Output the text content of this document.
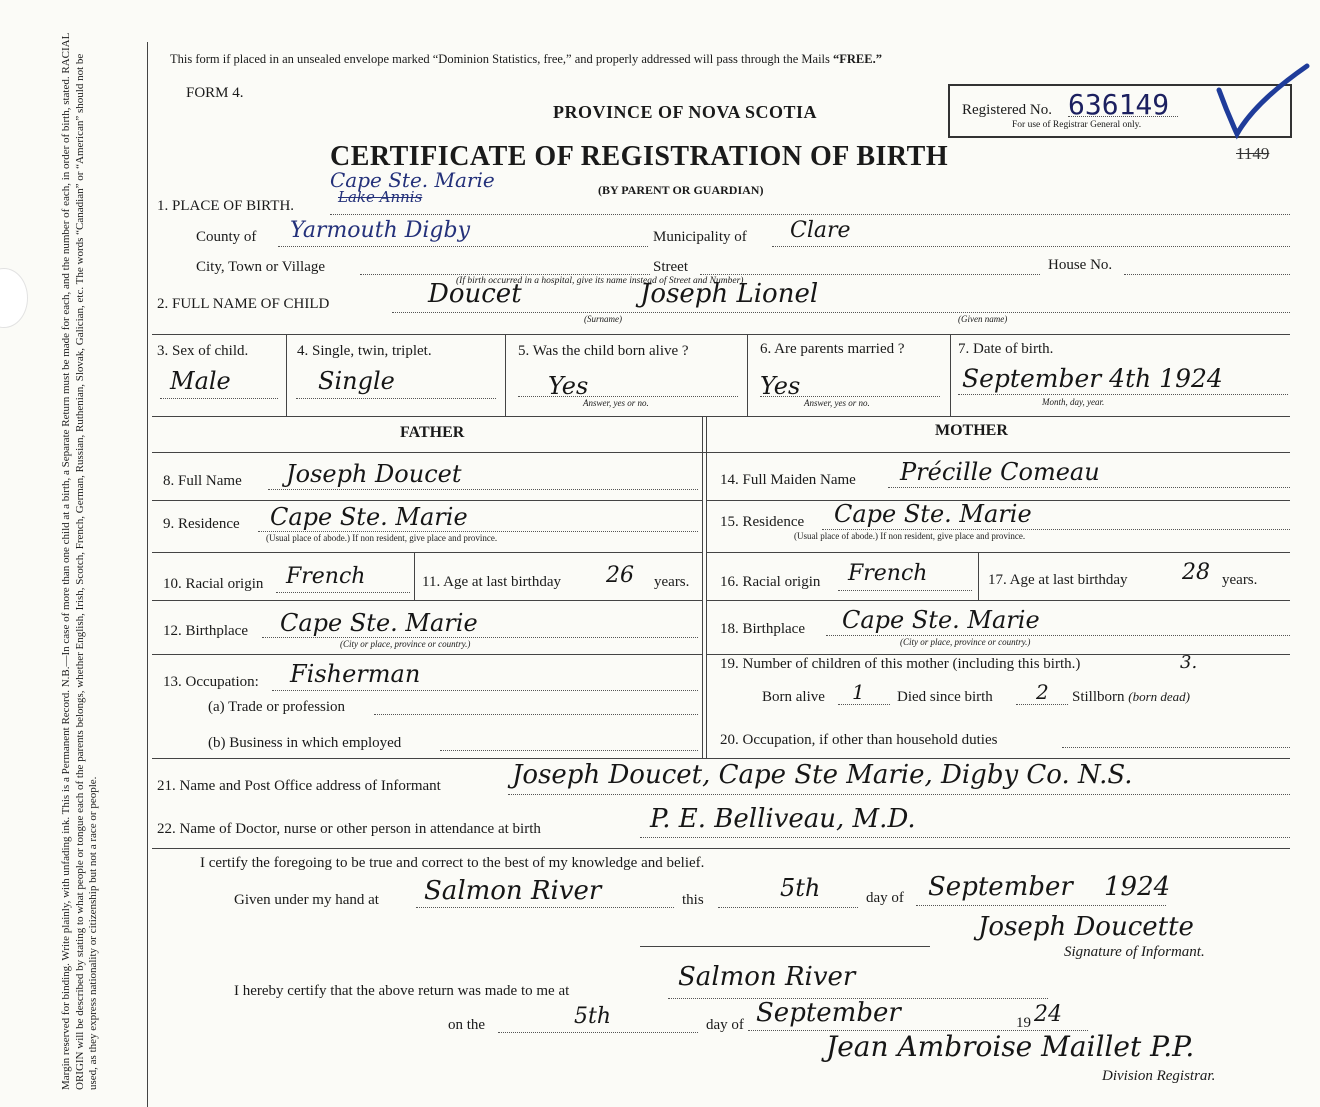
Margin reserved for binding. Write plainly, with unfading ink. This is a Permanent Record. N.B.—In case of more than one child at a birth, a Separate Return must be made for each, and the number of each, in order of birth, stated. RACIAL ORIGIN will be described by stating to what people or tongue each of the parents belongs, whether English, Irish, Scotch, French, German, Russian, Ruthenian, Slovak, Galician, etc. The words “Canadian” or “American” should not be used, as they express nationality or citizenship but not a race or people.
This form if placed in an unsealed envelope marked “Dominion Statistics, free,” and properly addressed will pass through the Mails “FREE.”
FORM 4.
PROVINCE OF NOVA SCOTIA	Registered No. 636149
For use of Registrar General only.
1149
CERTIFICATE OF REGISTRATION OF BIRTH
(BY PARENT OR GUARDIAN)
1. PLACE OF BIRTH.
Cape Ste. Marie
Lake Annis
County of Yarmouth Digby	Municipality of Clare
City, Town or Village	Street	House No.
(If birth occurred in a hospital, give its name instead of Street and Number)
2. FULL NAME OF CHILD	Doucet	Joseph Lionel
(Surname)	(Given name)
3. Sex of child.
Male
4. Single, twin, triplet.
Single
5. Was the child born alive ?
Yes
Answer, yes or no.
6. Are parents married ?
Yes
Answer, yes or no.
7. Date of birth.
September 4th 1924
Month, day, year.
FATHER	MOTHER
8. Full Name Joseph Doucet
9. Residence Cape Ste. Marie
(Usual place of abode.) If non resident, give place and province.
10. Racial origin French	11. Age at last birthday 26 years.
12. Birthplace Cape Ste. Marie
(City or place, province or country.)
13. Occupation: Fisherman
(a) Trade or profession
(b) Business in which employed
14. Full Maiden Name Précille Comeau
15. Residence Cape Ste. Marie
(Usual place of abode.) If non resident, give place and province.
16. Racial origin French	17. Age at last birthday 28 years.
18. Birthplace Cape Ste. Marie
(City or place, province or country.)
19. Number of children of this mother (including this birth.)	3.
Born alive 1 Died since birth 2 Stillborn (born dead)
20. Occupation, if other than household duties
21. Name and Post Office address of Informant	Joseph Doucet, Cape Ste Marie, Digby Co. N.S.
22. Name of Doctor, nurse or other person in attendance at birth	P. E. Belliveau, M.D.
I certify the foregoing to be true and correct to the best of my knowledge and belief.
Given under my hand at Salmon River	this	5th	day of September 1924
Joseph Doucette
Signature of Informant.
I hereby certify that the above return was made to me at	Salmon River
on the	5th	day of September	19 24
Jean Ambroise Maillet P.P.
Division Registrar.
